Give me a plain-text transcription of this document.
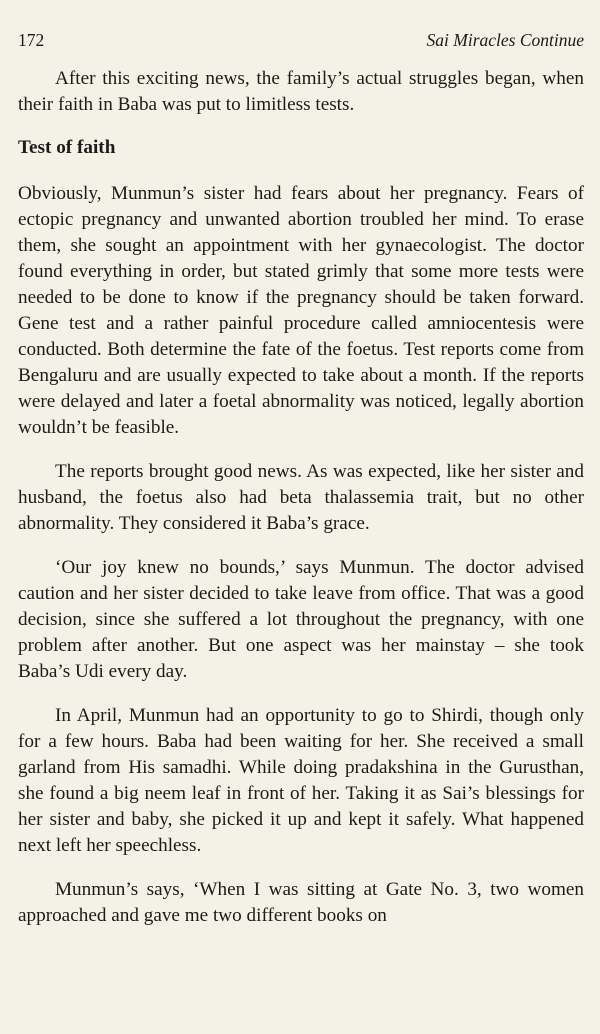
172	Sai Miracles Continue

After this exciting news, the family’s actual struggles began, when their faith in Baba was put to limitless tests.

Test of faith

Obviously, Munmun’s sister had fears about her pregnancy. Fears of ectopic pregnancy and unwanted abortion troubled her mind. To erase them, she sought an appointment with her gynaecologist. The doctor found everything in order, but stated grimly that some more tests were needed to be done to know if the pregnancy should be taken forward. Gene test and a rather painful procedure called amniocentesis were conducted. Both determine the fate of the foetus. Test reports come from Bengaluru and are usually expected to take about a month. If the reports were delayed and later a foetal abnormality was noticed, legally abortion wouldn’t be feasible.

The reports brought good news. As was expected, like her sister and husband, the foetus also had beta thalassemia trait, but no other abnormality. They considered it Baba’s grace.

‘Our joy knew no bounds,’ says Munmun. The doctor advised caution and her sister decided to take leave from office. That was a good decision, since she suffered a lot throughout the pregnancy, with one problem after another. But one aspect was her mainstay – she took Baba’s Udi every day.

In April, Munmun had an opportunity to go to Shirdi, though only for a few hours. Baba had been waiting for her. She received a small garland from His samadhi. While doing pradakshina in the Gurusthan, she found a big neem leaf in front of her. Taking it as Sai’s blessings for her sister and baby, she picked it up and kept it safely. What happened next left her speechless.

Munmun’s says, ‘When I was sitting at Gate No. 3, two women approached and gave me two different books on
